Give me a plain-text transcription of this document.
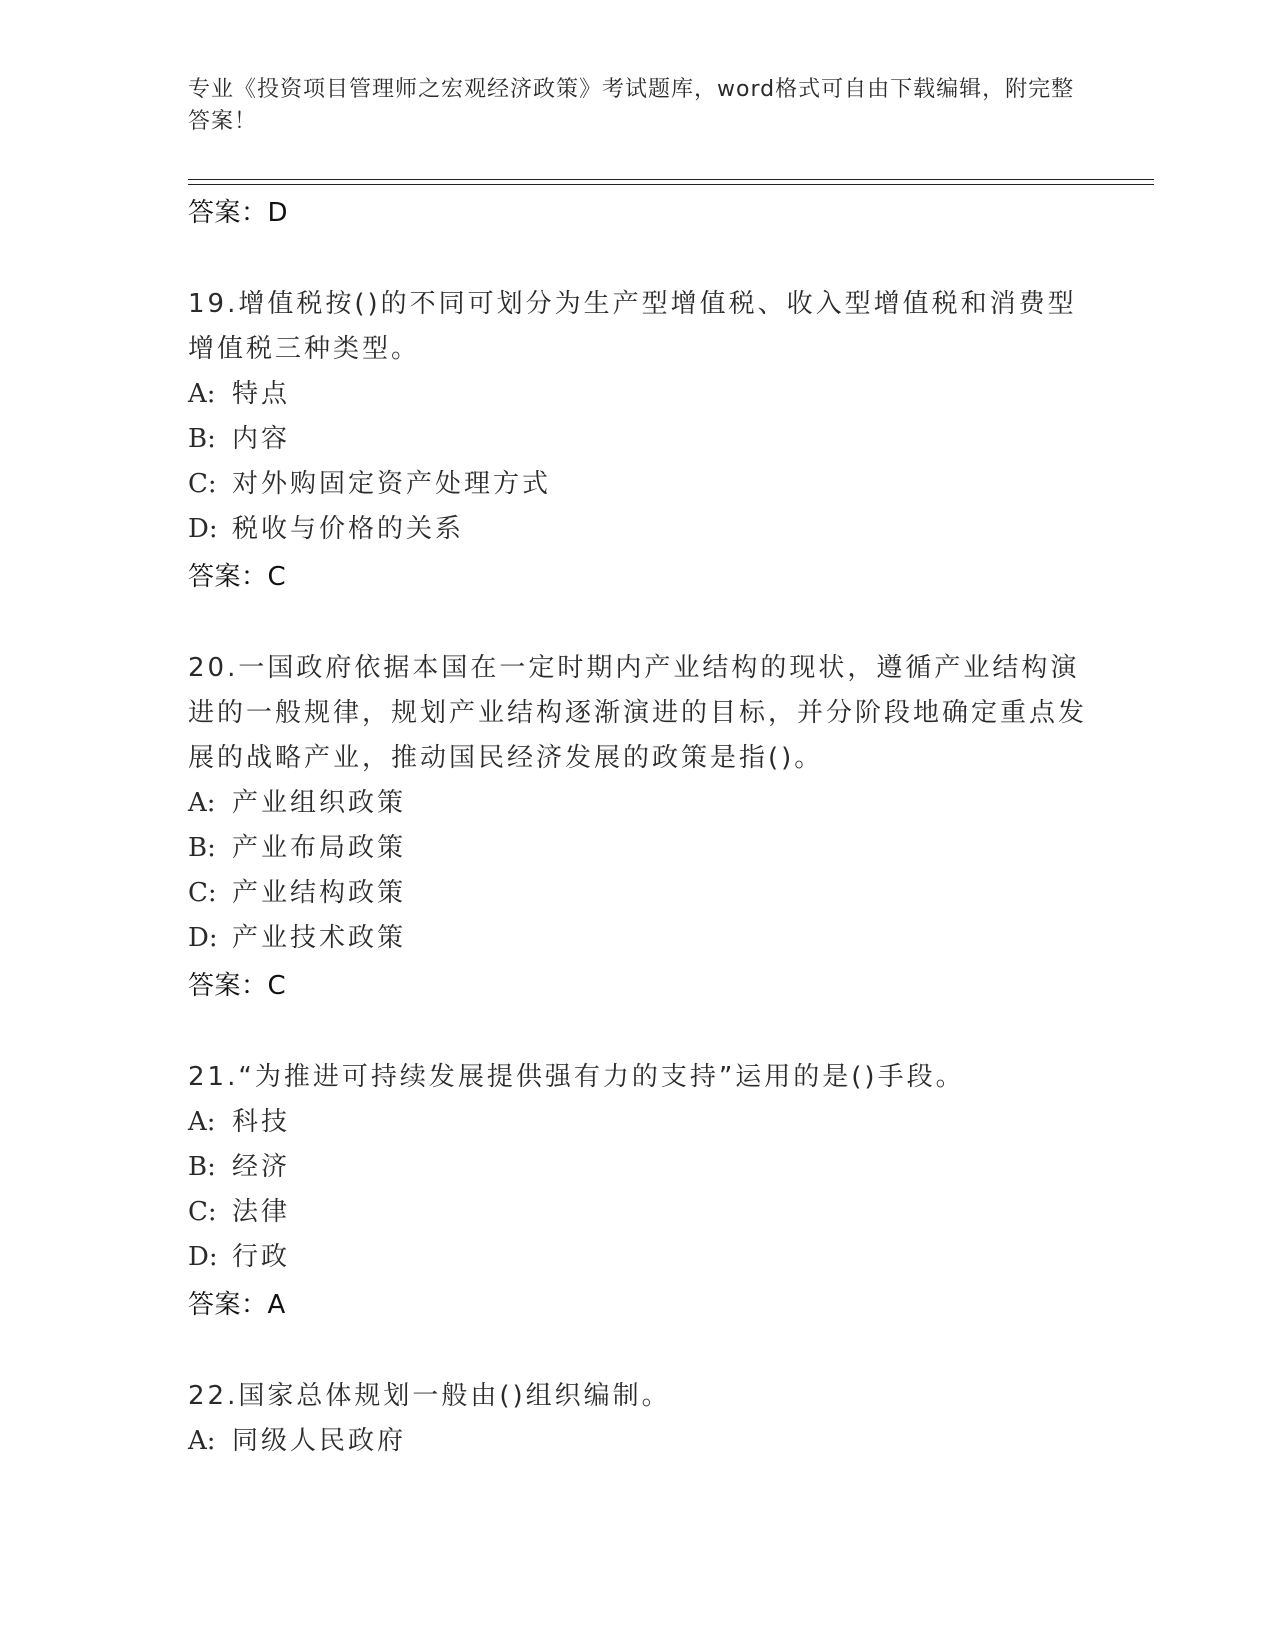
专业《投资项目管理师之宏观经济政策》考试题库，word格式可自由下载编辑，附完整答案！
答案：D
19.增值税按()的不同可划分为生产型增值税、收入型增值税和消费型增值税三种类型。
A: 特点
B: 内容
C: 对外购固定资产处理方式
D: 税收与价格的关系
答案：C
20.一国政府依据本国在一定时期内产业结构的现状，遵循产业结构演进的一般规律，规划产业结构逐渐演进的目标，并分阶段地确定重点发展的战略产业，推动国民经济发展的政策是指()。
A: 产业组织政策
B: 产业布局政策
C: 产业结构政策
D: 产业技术政策
答案：C
21.“为推进可持续发展提供强有力的支持”运用的是()手段。
A: 科技
B: 经济
C: 法律
D: 行政
答案：A
22.国家总体规划一般由()组织编制。
A: 同级人民政府
